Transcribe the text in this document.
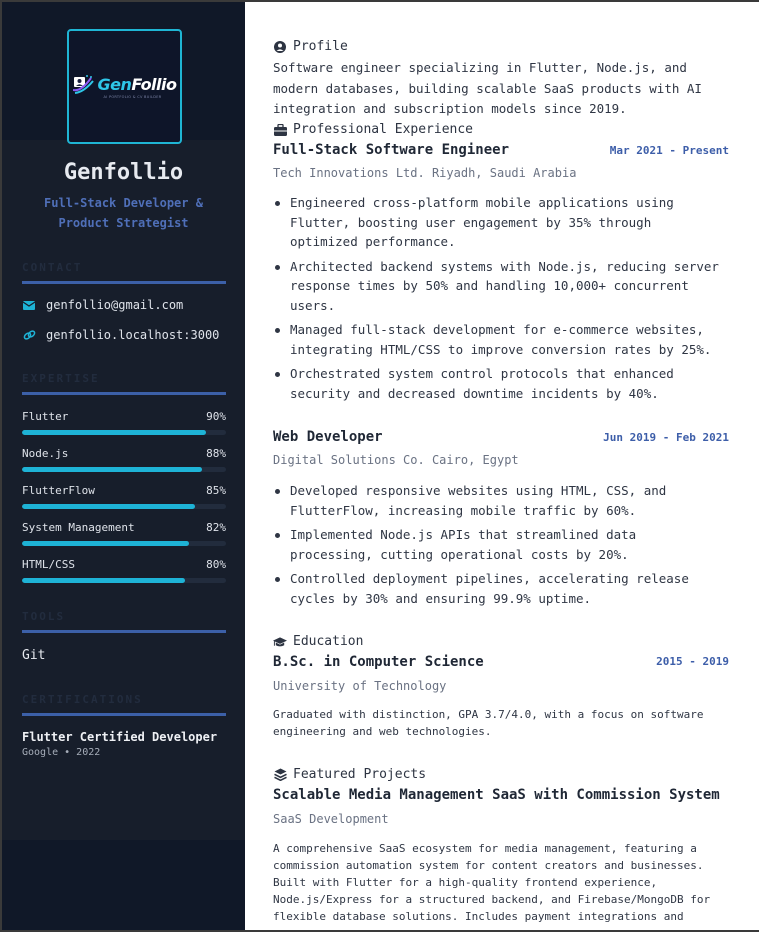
GenFollio
AI PORTFOLIO & CV BUILDER
Genfollio
Full-Stack Developer &
Product Strategist
CONTACT
genfollio@gmail.com
genfollio.localhost:3000
EXPERTISE
Flutter	90%
Node.js	88%
FlutterFlow	85%
System Management	82%
HTML/CSS	80%
TOOLS
Git
CERTIFICATIONS
Flutter Certified Developer
Google • 2022
Profile
Software engineer specializing in Flutter, Node.js, and
modern databases, building scalable SaaS products with AI
integration and subscription models since 2019.
Professional Experience
Full-Stack Software Engineer	Mar 2021 - Present
Tech Innovations Ltd. Riyadh, Saudi Arabia
Engineered cross-platform mobile applications using Flutter, boosting user engagement by 35% through optimized performance.
Architected backend systems with Node.js, reducing server response times by 50% and handling 10,000+ concurrent users.
Managed full-stack development for e-commerce websites, integrating HTML/CSS to improve conversion rates by 25%.
Orchestrated system control protocols that enhanced security and decreased downtime incidents by 40%.
Web Developer	Jun 2019 - Feb 2021
Digital Solutions Co. Cairo, Egypt
Developed responsive websites using HTML, CSS, and FlutterFlow, increasing mobile traffic by 60%.
Implemented Node.js APIs that streamlined data processing, cutting operational costs by 20%.
Controlled deployment pipelines, accelerating release cycles by 30% and ensuring 99.9% uptime.
Education
B.Sc. in Computer Science	2015 - 2019
University of Technology
Graduated with distinction, GPA 3.7/4.0, with a focus on software engineering and web technologies.
Featured Projects
Scalable Media Management SaaS with Commission System
SaaS Development
A comprehensive SaaS ecosystem for media management, featuring a commission automation system for content creators and businesses. Built with Flutter for a high-quality frontend experience, Node.js/Express for a structured backend, and Firebase/MongoDB for flexible database solutions. Includes payment integrations and
